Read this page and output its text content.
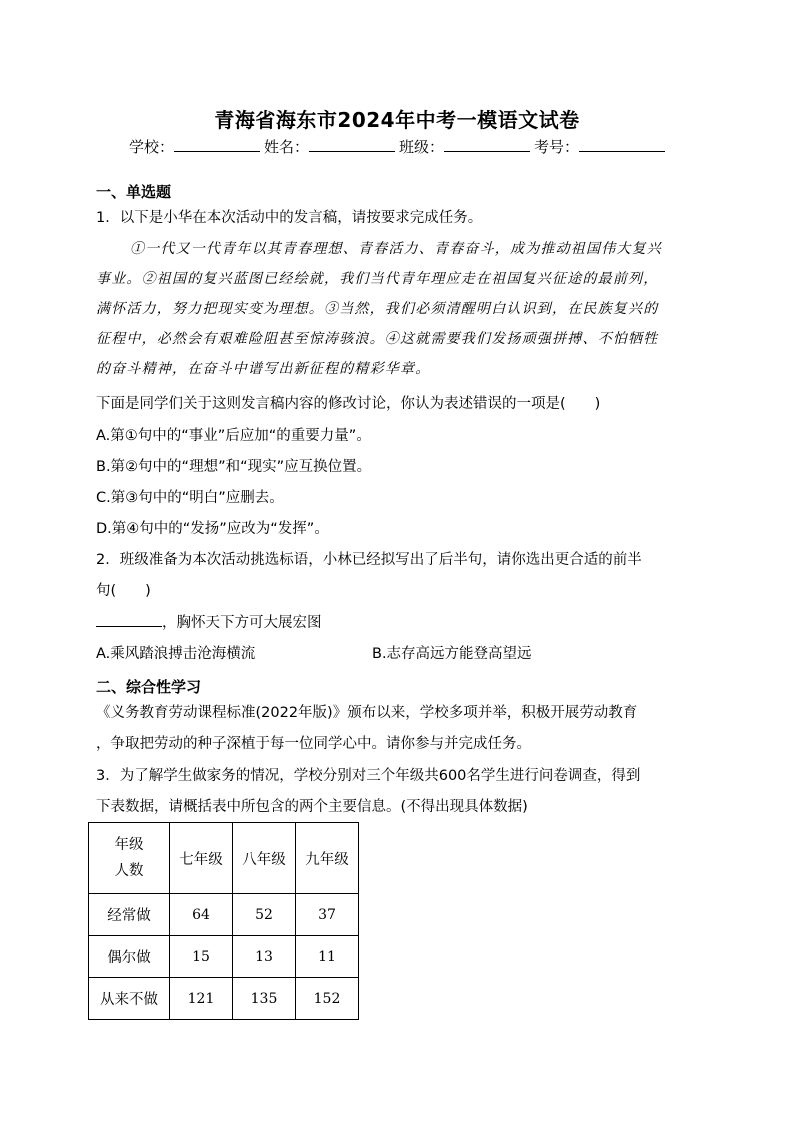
青海省海东市2024年中考一模语文试卷
学校：	姓名：	班级：	考号：
一、单选题
1．以下是小华在本次活动中的发言稿，请按要求完成任务。
①一代又一代青年以其青春理想、青春活力、青春奋斗，成为推动祖国伟大复兴
事业。②祖国的复兴蓝图已经绘就，我们当代青年理应走在祖国复兴征途的最前列，
满怀活力，努力把现实变为理想。③当然，我们必须清醒明白认识到，在民族复兴的
征程中，必然会有艰难险阻甚至惊涛骇浪。④这就需要我们发扬顽强拼搏、不怕牺牲
的奋斗精神，在奋斗中谱写出新征程的精彩华章。
下面是同学们关于这则发言稿内容的修改讨论，你认为表述错误的一项是(　　)
A.第①句中的“事业”后应加“的重要力量”。
B.第②句中的“理想”和“现实”应互换位置。
C.第③句中的“明白”应删去。
D.第④句中的“发扬”应改为“发挥”。
2．班级准备为本次活动挑选标语，小林已经拟写出了后半句，请你选出更合适的前半
句(　　)
，胸怀天下方可大展宏图
A.乘风踏浪搏击沧海横流	B.志存高远方能登高望远
二、综合性学习
《义务教育劳动课程标准(2022年版)》颁布以来，学校多项并举，积极开展劳动教育
，争取把劳动的种子深植于每一位同学心中。请你参与并完成任务。
3．为了解学生做家务的情况，学校分别对三个年级共600名学生进行问卷调查，得到
下表数据，请概括表中所包含的两个主要信息。(不得出现具体数据)
年级
人数	七年级	八年级	九年级
经常做	64	52	37
偶尔做	15	13	11
从来不做	121	135	152
